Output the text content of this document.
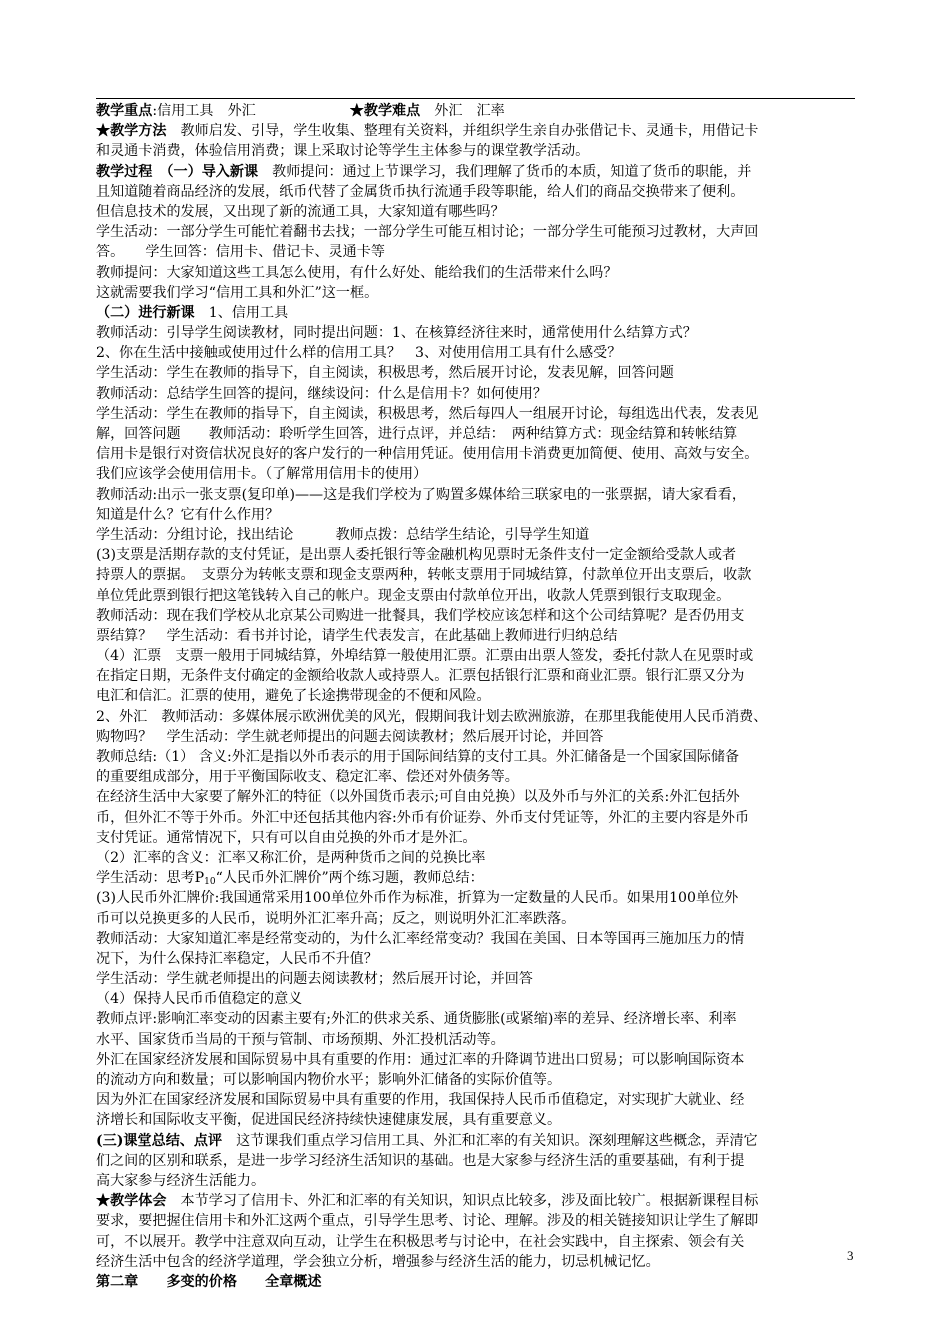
教学重点:信用工具　外汇	★教学难点 外汇　汇率
★教学方法　教师启发、引导，学生收集、整理有关资料，并组织学生亲自办张借记卡、灵通卡，用借记卡
和灵通卡消费，体验信用消费；课上采取讨论等学生主体参与的课堂教学活动。
教学过程　（一）导入新课　教师提问：通过上节课学习，我们理解了货币的本质，知道了货币的职能，并
且知道随着商品经济的发展，纸币代替了金属货币执行流通手段等职能，给人们的商品交换带来了便利。
但信息技术的发展，又出现了新的流通工具，大家知道有哪些吗？
学生活动：一部分学生可能忙着翻书去找；一部分学生可能互相讨论；一部分学生可能预习过教材，大声回
答。　　学生回答：信用卡、借记卡、灵通卡等
教师提问：大家知道这些工具怎么使用，有什么好处、能给我们的生活带来什么吗？
这就需要我们学习“信用工具和外汇”这一框。
（二）进行新课　1、信用工具
教师活动：引导学生阅读教材，同时提出问题：1、在核算经济往来时，通常使用什么结算方式？
2、你在生活中接触或使用过什么样的信用工具？　3、对使用信用工具有什么感受？
学生活动：学生在教师的指导下，自主阅读，积极思考，然后展开讨论，发表见解，回答问题
教师活动：总结学生回答的提问，继续设问：什么是信用卡？如何使用？
学生活动：学生在教师的指导下，自主阅读，积极思考，然后每四人一组展开讨论，每组选出代表，发表见
解，回答问题　　教师活动：聆听学生回答，进行点评，并总结：　两种结算方式：现金结算和转帐结算
信用卡是银行对资信状况良好的客户发行的一种信用凭证。使用信用卡消费更加简便、使用、高效与安全。
我们应该学会使用信用卡。（了解常用信用卡的使用）
教师活动:出示一张支票(复印单)——这是我们学校为了购置多媒体给三联家电的一张票据，请大家看看，
知道是什么？它有什么作用？
学生活动：分组讨论，找出结论　　　教师点拨：总结学生结论，引导学生知道
(3)支票是活期存款的支付凭证，是出票人委托银行等金融机构见票时无条件支付一定金额给受款人或者
持票人的票据。　支票分为转帐支票和现金支票两种，转帐支票用于同城结算，付款单位开出支票后，收款
单位凭此票到银行把这笔钱转入自己的帐户。现金支票由付款单位开出，收款人凭票到银行支取现金。
教师活动：现在我们学校从北京某公司购进一批餐具，我们学校应该怎样和这个公司结算呢？是否仍用支
票结算？　学生活动：看书并讨论，请学生代表发言，在此基础上教师进行归纳总结
（4）汇票　支票一般用于同城结算，外埠结算一般使用汇票。汇票由出票人签发，委托付款人在见票时或
在指定日期，无条件支付确定的金额给收款人或持票人。汇票包括银行汇票和商业汇票。银行汇票又分为
电汇和信汇。汇票的使用，避免了长途携带现金的不便和风险。
2、外汇　教师活动：多媒体展示欧洲优美的风光，假期间我计划去欧洲旅游，在那里我能使用人民币消费、
购物吗？　学生活动：学生就老师提出的问题去阅读教材；然后展开讨论，并回答
教师总结:（1） 含义:外汇是指以外币表示的用于国际间结算的支付工具。外汇储备是一个国家国际储备
的重要组成部分，用于平衡国际收支、稳定汇率、偿还对外债务等。
在经济生活中大家要了解外汇的特征（以外国货币表示;可自由兑换）以及外币与外汇的关系:外汇包括外
币，但外汇不等于外币。外汇中还包括其他内容:外币有价证券、外币支付凭证等，外汇的主要内容是外币
支付凭证。通常情况下，只有可以自由兑换的外币才是外汇。
（2）汇率的含义：汇率又称汇价，是两种货币之间的兑换比率
学生活动：思考$P_{10}“$人民币外汇牌价”两个练习题，教师总结：
(3)人民币外汇牌价:我国通常采用100单位外币作为标准，折算为一定数量的人民币。如果用100单位外
币可以兑换更多的人民币，说明外汇汇率升高；反之，则说明外汇汇率跌落。
教师活动：大家知道汇率是经常变动的，为什么汇率经常变动？我国在美国、日本等国再三施加压力的情
况下，为什么保持汇率稳定，人民币不升值？
学生活动：学生就老师提出的问题去阅读教材；然后展开讨论，并回答
（4）保持人民币币值稳定的意义
教师点评:影响汇率变动的因素主要有;外汇的供求关系、通货膨胀(或紧缩)率的差异、经济增长率、利率
水平、国家货币当局的干预与管制、市场预期、外汇投机活动等。
外汇在国家经济发展和国际贸易中具有重要的作用：通过汇率的升降调节进出口贸易；可以影响国际资本
的流动方向和数量；可以影响国内物价水平；影响外汇储备的实际价值等。
因为外汇在国家经济发展和国际贸易中具有重要的作用，我国保持人民币币值稳定，对实现扩大就业、经
济增长和国际收支平衡，促进国民经济持续快速健康发展，具有重要意义。
(三)课堂总结、点评　这节课我们重点学习信用工具、外汇和汇率的有关知识。深刻理解这些概念，弄清它
们之间的区别和联系，是进一步学习经济生活知识的基础。也是大家参与经济生活的重要基础，有利于提
高大家参与经济生活能力。
★教学体会　本节学习了信用卡、外汇和汇率的有关知识，知识点比较多，涉及面比较广。根据新课程目标
要求，要把握住信用卡和外汇这两个重点，引导学生思考、讨论、理解。涉及的相关链接知识让学生了解即
可，不以展开。教学中注意双向互动，让学生在积极思考与讨论中，在社会实践中，自主探索、领会有关
经济生活中包含的经济学道理，学会独立分析，增强参与经济生活的能力，切忌机械记忆。
第二章　　多变的价格　　全章概述
3
